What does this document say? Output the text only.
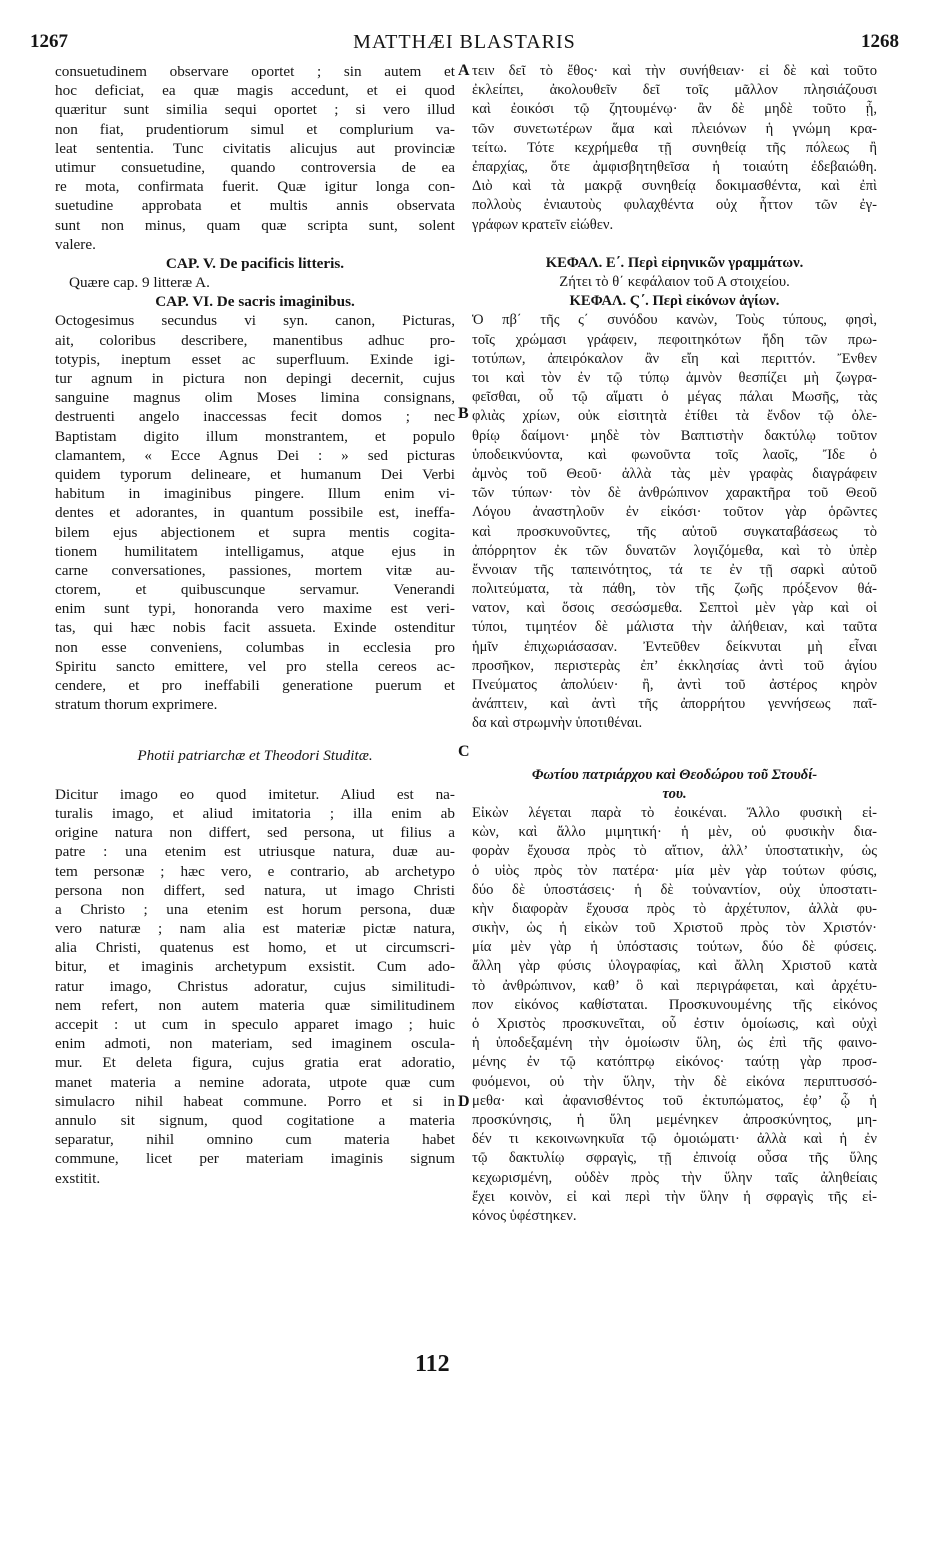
1267	MATTHÆI BLASTARIS	1268
A
B
C
D
consuetudinem observare oportet ; sin autem et
hoc deficiat, ea quæ magis accedunt, et ei quod
quæritur sunt similia sequi oportet ; si vero illud
non fiat, prudentiorum simul et complurium va-
leat sententia. Tunc civitatis alicujus aut provinciæ
utimur consuetudine, quando controversia de ea
re mota, confirmata fuerit. Quæ igitur longa con-
suetudine approbata et multis annis observata
sunt non minus, quam quæ scripta sunt, solent
valere.
CAP. V. De pacificis litteris.
Quære cap. 9 litteræ A.
CAP. VI. De sacris imaginibus.
Octogesimus secundus vi syn. canon, Picturas,
ait, coloribus describere, manentibus adhuc pro-
totypis, ineptum esset ac superfluum. Exinde igi-
tur agnum in pictura non depingi decernit, cujus
sanguine magnus olim Moses limina consignans,
destruenti angelo inaccessas fecit domos ; nec
Baptistam digito illum monstrantem, et populo
clamantem, « Ecce Agnus Dei : » sed picturas
quidem typorum delineare, et humanum Dei Verbi
habitum in imaginibus pingere. Illum enim vi-
dentes et adorantes, in quantum possibile est, ineffa-
bilem ejus abjectionem et supra mentis cogita-
tionem humilitatem intelligamus, atque ejus in
carne conversationes, passiones, mortem vitæ au-
ctorem, et quibuscunque servamur. Venerandi
enim sunt typi, honoranda vero maxime est veri-
tas, qui hæc nobis facit assueta. Exinde ostenditur
non esse conveniens, columbas in ecclesia pro
Spiritu sancto emittere, vel pro stella cereos ac-
cendere, et pro ineffabili generatione puerum et
stratum thorum exprimere.
Photii patriarchæ et Theodori Studitæ.
Dicitur imago eo quod imitetur. Aliud est na-
turalis imago, et aliud imitatoria ; illa enim ab
origine natura non differt, sed persona, ut filius a
patre : una etenim est utriusque natura, duæ au-
tem personæ ; hæc vero, e contrario, ab archetypo
persona non differt, sed natura, ut imago Christi
a Christo ; una etenim est horum persona, duæ
vero naturæ ; nam alia est materiæ pictæ natura,
alia Christi, quatenus est homo, et ut circumscri-
bitur, et imaginis archetypum exsistit. Cum ado-
ratur imago, Christus adoratur, cujus similitudi-
nem refert, non autem materia quæ similitudinem
accepit : ut cum in speculo apparet imago ; huic
enim admoti, non materiam, sed imaginem oscula-
mur. Et deleta figura, cujus gratia erat adoratio,
manet materia a nemine adorata, utpote quæ cum
simulacro nihil habeat commune. Porro et si in
annulo sit signum, quod cogitatione a materia
separatur, nihil omnino cum materia habet
commune, licet per materiam imaginis signum
exstitit.
112
τειν δεῖ τὸ ἔθος· καὶ τὴν συνήθειαν· εἰ δὲ καὶ τοῦτο
ἐκλείπει, ἀκολουθεῖν δεῖ τοῖς μᾶλλον πλησιάζουσι
καὶ ἐοικόσι τῷ ζητουμένῳ· ἂν δὲ μηδὲ τοῦτο ᾖ,
τῶν συνετωτέρων ἅμα καὶ πλειόνων ἡ γνώμη κρα-
τείτω. Τότε κεχρήμεθα τῇ συνηθείᾳ τῆς πόλεως ἢ
ἐπαρχίας, ὅτε ἀμφισβητηθεῖσα ἡ τοιαύτη ἐδεβαιώθη.
Διὸ καὶ τὰ μακρᾷ συνηθείᾳ δοκιμασθέντα, καὶ ἐπὶ
πολλοὺς ἐνιαυτοὺς φυλαχθέντα οὐχ ἧττον τῶν ἐγ-
γράφων κρατεῖν εἰώθεν.
ΚΕΦΑΛ. Ε΄. Περὶ εἰρηνικῶν γραμμάτων.
Ζήτει τὸ θ΄ κεφάλαιον τοῦ Α στοιχείου.
ΚΕΦΑΛ. Ϛ΄. Περὶ εἰκόνων ἁγίων.
Ὁ πβ΄ τῆς ς΄ συνόδου κανὼν, Τοὺς τύπους, φησὶ,
τοῖς χρώμασι γράφειν, πεφοιτηκότων ἤδη τῶν πρω-
τοτύπων, ἀπειρόκαλον ἂν εἴη καὶ περιττόν. Ἔνθεν
τοι καὶ τὸν ἐν τῷ τύπῳ ἀμνὸν θεσπίζει μὴ ζωγρα-
φεῖσθαι, οὗ τῷ αἵματι ὁ μέγας πάλαι Μωσῆς, τὰς
φλιὰς χρίων, οὐκ εἰσιτητὰ ἐτίθει τὰ ἔνδον τῷ ὀλε-
θρίῳ δαίμονι· μηδὲ τὸν Βαπτιστὴν δακτύλῳ τοῦτον
ὑποδεικνύοντα, καὶ φωνοῦντα τοῖς λαοῖς, Ἴδε ὁ
ἀμνὸς τοῦ Θεοῦ· ἀλλὰ τὰς μὲν γραφὰς διαγράφειν
τῶν τύπων· τὸν δὲ ἀνθρώπινον χαρακτῆρα τοῦ Θεοῦ
Λόγου ἀναστηλοῦν ἐν εἰκόσι· τοῦτον γὰρ ὁρῶντες
καὶ προσκυνοῦντες, τῆς αὐτοῦ συγκαταβάσεως τὸ
ἀπόρρητον ἐκ τῶν δυνατῶν λογιζόμεθα, καὶ τὸ ὑπὲρ
ἔννοιαν τῆς ταπεινότητος, τά τε ἐν τῇ σαρκὶ αὐτοῦ
πολιτεύματα, τὰ πάθη, τὸν τῆς ζωῆς πρόξενον θά-
νατον, καὶ ὅσοις σεσώσμεθα. Σεπτοὶ μὲν γὰρ καὶ οἱ
τύποι, τιμητέον δὲ μάλιστα τὴν ἀλήθειαν, καὶ ταῦτα
ἡμῖν ἐπιχωριάσασαν. Ἐντεῦθεν δείκνυται μὴ εἶναι
προσῆκον, περιστερὰς ἐπ’ ἐκκλησίας ἀντὶ τοῦ ἁγίου
Πνεύματος ἀπολύειν· ἢ, ἀντὶ τοῦ ἀστέρος κηρὸν
ἀνάπτειν, καὶ ἀντὶ τῆς ἀπορρήτου γεννήσεως παῖ-
δα καὶ στρωμνὴν ὑποτιθέναι.
Φωτίου πατριάρχου καὶ Θεοδώρου τοῦ Στουδί-
του.
Εἰκὼν λέγεται παρὰ τὸ ἐοικέναι. Ἄλλο φυσικὴ εἰ-
κὼν, καὶ ἄλλο μιμητική· ἡ μὲν, οὐ φυσικὴν δια-
φορὰν ἔχουσα πρὸς τὸ αἴτιον, ἀλλ’ ὑποστατικὴν, ὡς
ὁ υἱὸς πρὸς τὸν πατέρα· μία μὲν γὰρ τούτων φύσις,
δύο δὲ ὑποστάσεις· ἡ δὲ τοὐναντίον, οὐχ ὑποστατι-
κὴν διαφορὰν ἔχουσα πρὸς τὸ ἀρχέτυπον, ἀλλὰ φυ-
σικὴν, ὡς ἡ εἰκὼν τοῦ Χριστοῦ πρὸς τὸν Χριστόν·
μία μὲν γὰρ ἡ ὑπόστασις τούτων, δύο δὲ φύσεις.
ἄλλη γὰρ φύσις ὑλογραφίας, καὶ ἄλλη Χριστοῦ κατὰ
τὸ ἀνθρώπινον, καθ’ ὃ καὶ περιγράφεται, καὶ ἀρχέτυ-
πον εἰκόνος καθίσταται. Προσκυνουμένης τῆς εἰκόνος
ὁ Χριστὸς προσκυνεῖται, οὗ ἐστιν ὁμοίωσις, καὶ οὐχὶ
ἡ ὑποδεξαμένη τὴν ὁμοίωσιν ὕλη, ὡς ἐπὶ τῆς φαινο-
μένης ἐν τῷ κατόπτρῳ εἰκόνος· ταύτῃ γὰρ προσ-
φυόμενοι, οὐ τὴν ὕλην, τὴν δὲ εἰκόνα περιπτυσσό-
μεθα· καὶ ἀφανισθέντος τοῦ ἐκτυπώματος, ἐφ’ ᾧ ἡ
προσκύνησις, ἡ ὕλη μεμένηκεν ἀπροσκύνητος, μη-
δέν τι κεκοινωνηκυῖα τῷ ὁμοιώματι· ἀλλὰ καὶ ἡ ἐν
τῷ δακτυλίῳ σφραγὶς, τῇ ἐπινοίᾳ οὖσα τῆς ὕλης
κεχωρισμένη, οὐδὲν πρὸς τὴν ὕλην ταῖς ἀληθείαις
ἔχει κοινὸν, εἰ καὶ περὶ τὴν ὕλην ἡ σφραγὶς τῆς εἰ-
κόνος ὑφέστηκεν.
